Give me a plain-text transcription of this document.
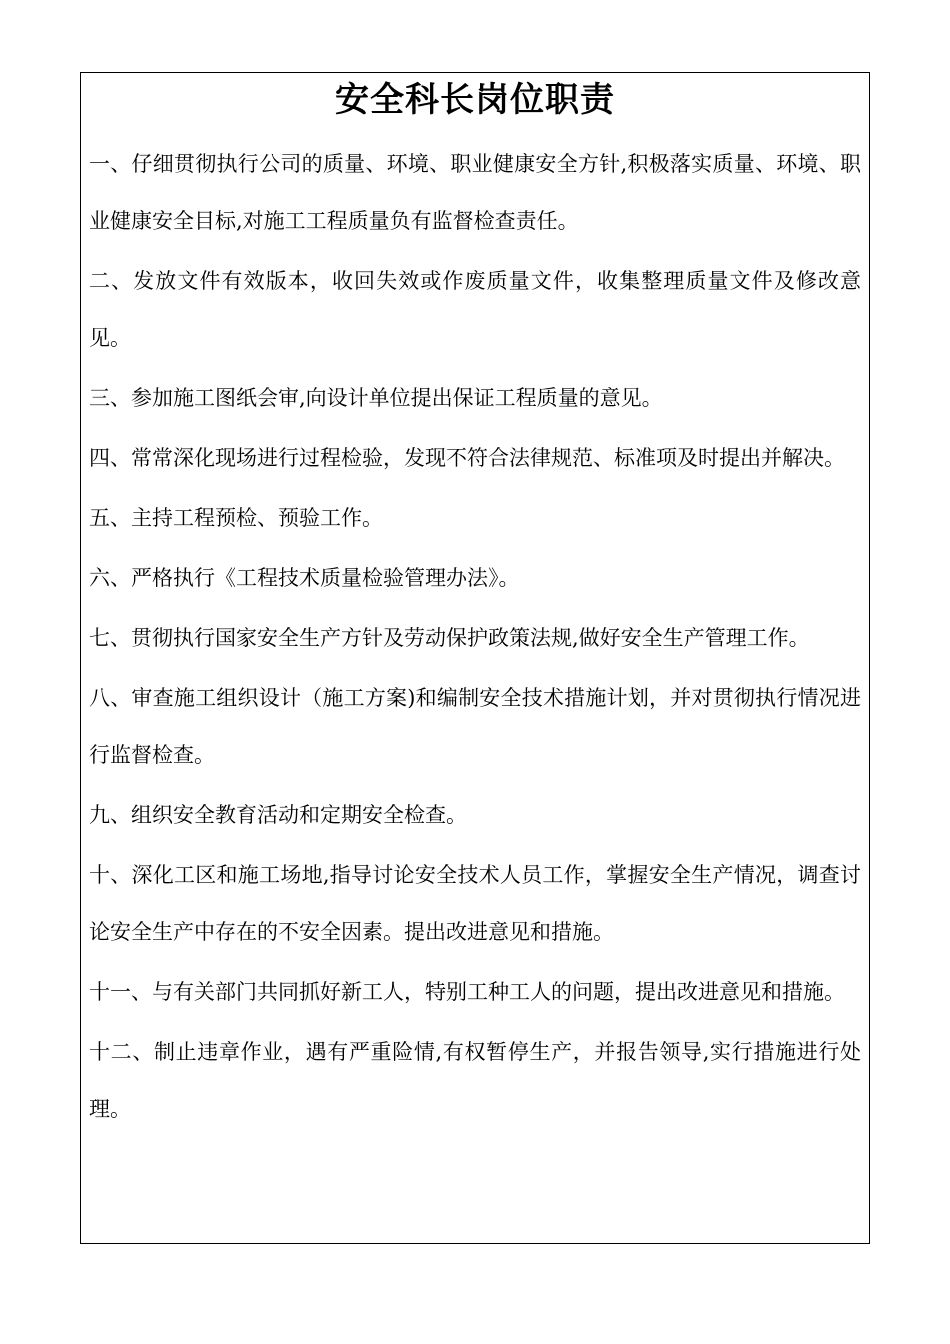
安全科长岗位职责

一、仔细贯彻执行公司的质量、环境、职业健康安全方针,积极落实质量、环境、职业健康安全目标,对施工工程质量负有监督检查责任。

二、发放文件有效版本，收回失效或作废质量文件，收集整理质量文件及修改意见。

三、参加施工图纸会审,向设计单位提出保证工程质量的意见。

四、常常深化现场进行过程检验，发现不符合法律规范、标准项及时提出并解决。

五、主持工程预检、预验工作。

六、严格执行《工程技术质量检验管理办法》。

七、贯彻执行国家安全生产方针及劳动保护政策法规,做好安全生产管理工作。

八、审查施工组织设计（施工方案)和编制安全技术措施计划，并对贯彻执行情况进行监督检查。

九、组织安全教育活动和定期安全检查。

十、深化工区和施工场地,指导讨论安全技术人员工作，掌握安全生产情况，调查讨论安全生产中存在的不安全因素。提出改进意见和措施。

十一、与有关部门共同抓好新工人，特别工种工人的问题，提出改进意见和措施。

十二、制止违章作业，遇有严重险情,有权暂停生产，并报告领导,实行措施进行处理。
